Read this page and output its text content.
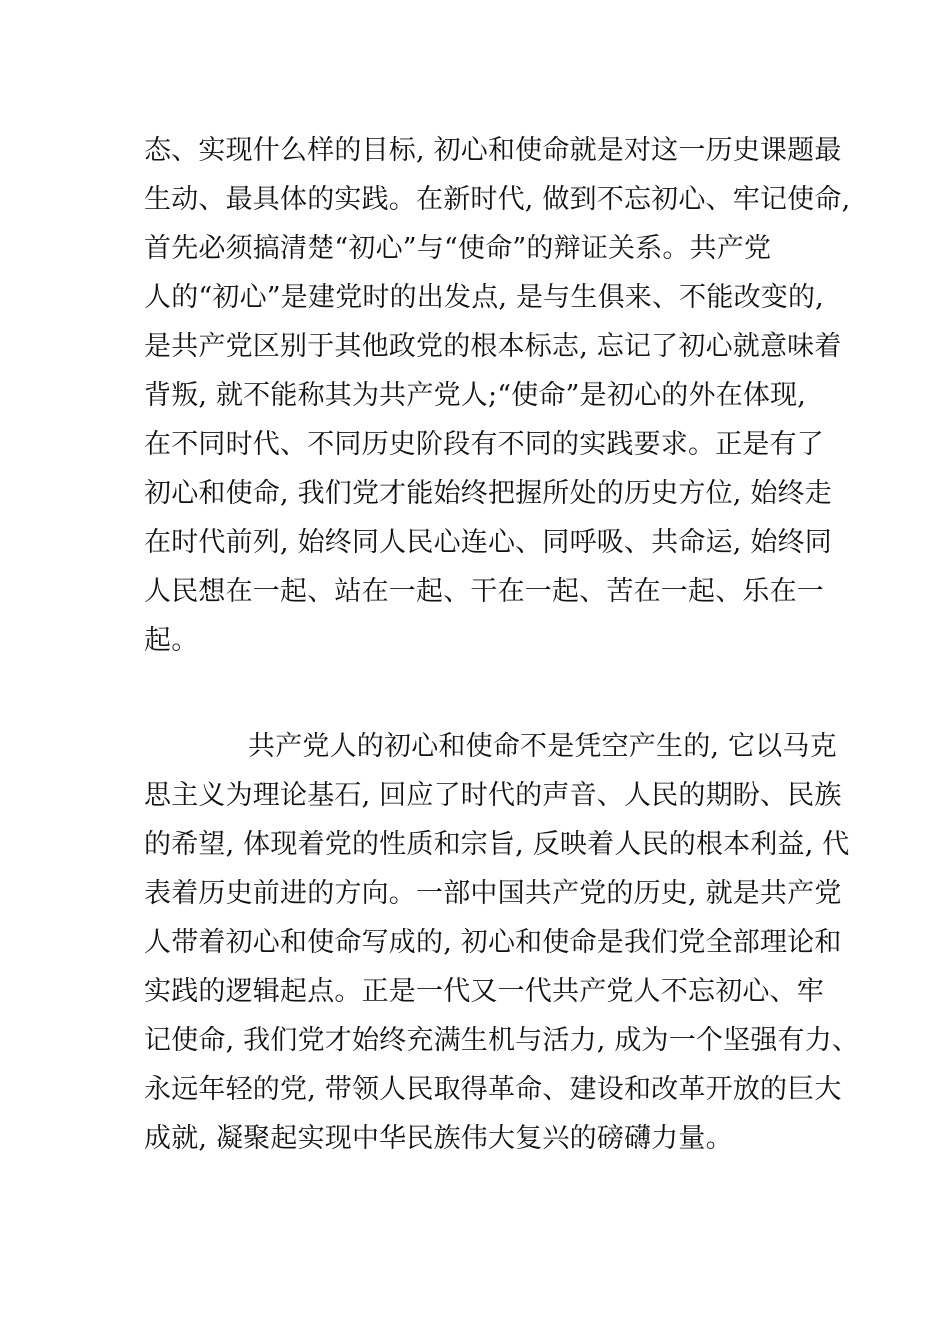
态、实现什么样的目标, 初心和使命就是对这一历史课题最
生动、最具体的实践。在新时代, 做到不忘初心、牢记使命,
首先必须搞清楚“初心”与“使命”的辩证关系。共产党
人的“初心”是建党时的出发点, 是与生俱来、不能改变的,
是共产党区别于其他政党的根本标志, 忘记了初心就意味着
背叛, 就不能称其为共产党人;“使命”是初心的外在体现,
在不同时代、不同历史阶段有不同的实践要求。正是有了
初心和使命, 我们党才能始终把握所处的历史方位, 始终走
在时代前列, 始终同人民心连心、同呼吸、共命运, 始终同
人民想在一起、站在一起、干在一起、苦在一起、乐在一
起。

共产党人的初心和使命不是凭空产生的, 它以马克
思主义为理论基石, 回应了时代的声音、人民的期盼、民族
的希望, 体现着党的性质和宗旨, 反映着人民的根本利益, 代
表着历史前进的方向。一部中国共产党的历史, 就是共产党
人带着初心和使命写成的, 初心和使命是我们党全部理论和
实践的逻辑起点。正是一代又一代共产党人不忘初心、牢
记使命, 我们党才始终充满生机与活力, 成为一个坚强有力、
永远年轻的党, 带领人民取得革命、建设和改革开放的巨大
成就, 凝聚起实现中华民族伟大复兴的磅礴力量。
